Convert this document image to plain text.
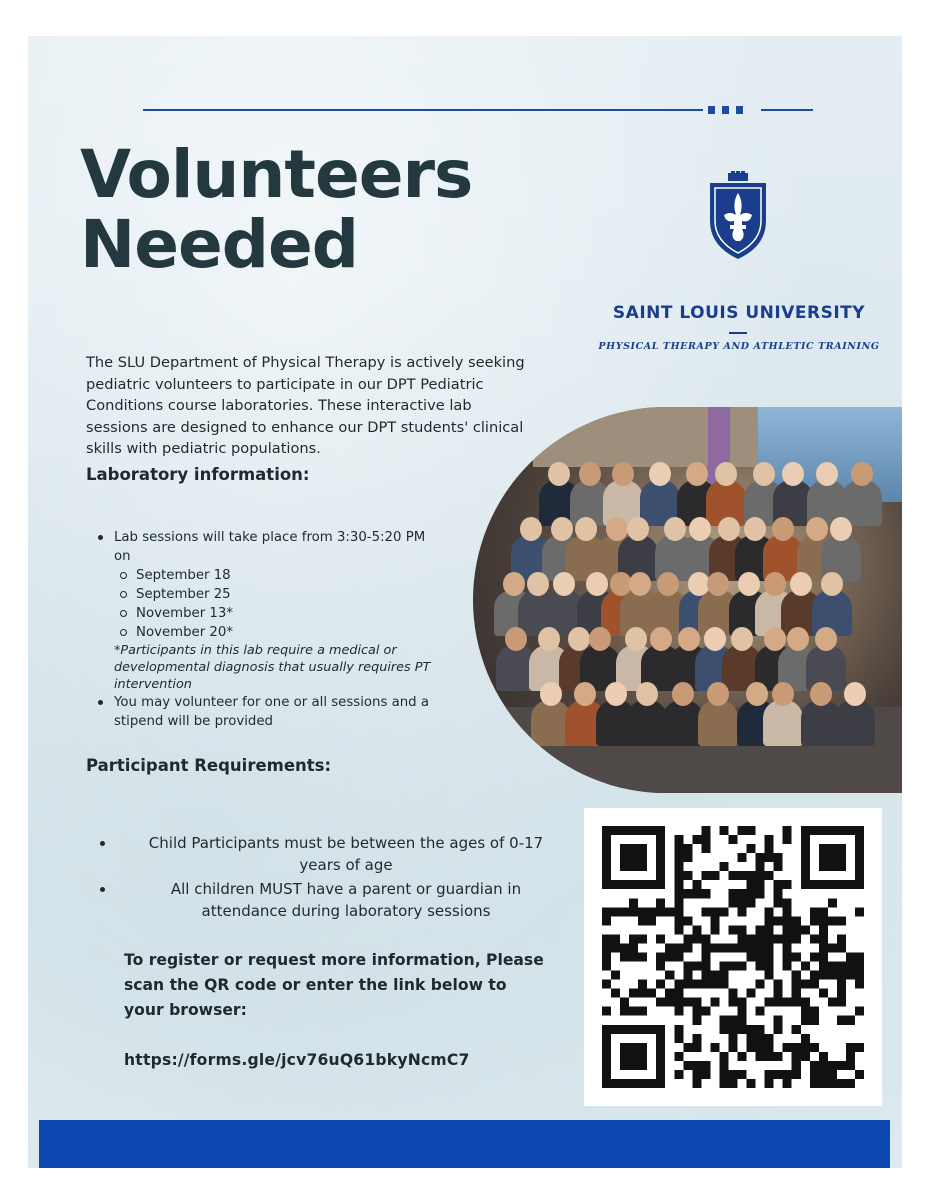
Volunteers
Needed
SAINT LOUIS UNIVERSITY
PHYSICAL THERAPY AND ATHLETIC TRAINING

The SLU Department of Physical Therapy is actively seeking pediatric volunteers to participate in our DPT Pediatric Conditions course laboratories. These interactive lab sessions are designed to enhance our DPT students' clinical skills with pediatric populations.

Laboratory information:
Lab sessions will take place from 3:30-5:20 PM on
September 18
September 25
November 13*
November 20*
*Participants in this lab require a medical or developmental diagnosis that usually requires PT intervention
You may volunteer for one or all sessions and a stipend will be provided
Participant Requirements:
Child Participants must be between the ages of 0-17 years of age
All children MUST have a parent or guardian in attendance during laboratory sessions

To register or request more information, Please scan the QR code or enter the link below to your browser:

https://forms.gle/jcv76uQ61bkyNcmC7
